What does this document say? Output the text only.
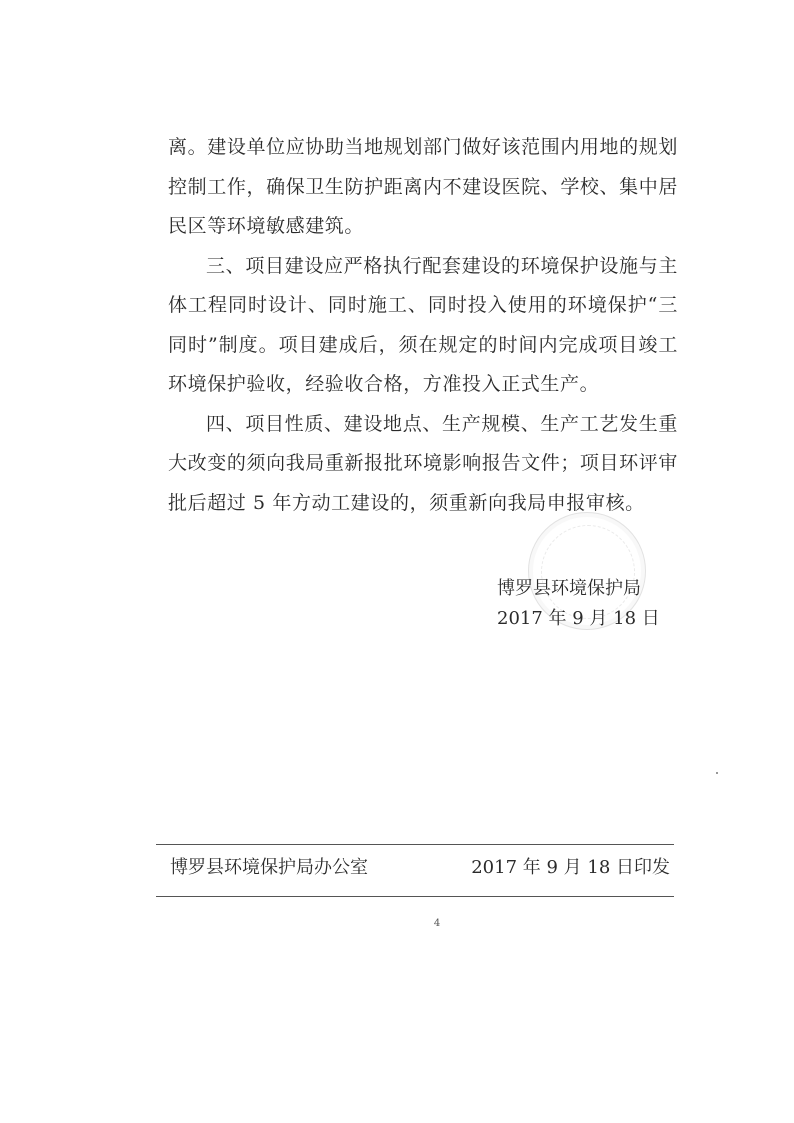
离。建设单位应协助当地规划部门做好该范围内用地的规划控制工作，确保卫生防护距离内不建设医院、学校、集中居民区等环境敏感建筑。

三、项目建设应严格执行配套建设的环境保护设施与主体工程同时设计、同时施工、同时投入使用的环境保护“三同时”制度。项目建成后，须在规定的时间内完成项目竣工环境保护验收，经验收合格，方准投入正式生产。

四、项目性质、建设地点、生产规模、生产工艺发生重大改变的须向我局重新报批环境影响报告文件；项目环评审批后超过 5 年方动工建设的，须重新向我局申报审核。

博罗县环境保护局
2017 年 9 月 18 日
博罗县环境保护局办公室	2017 年 9 月 18 日印发
4
